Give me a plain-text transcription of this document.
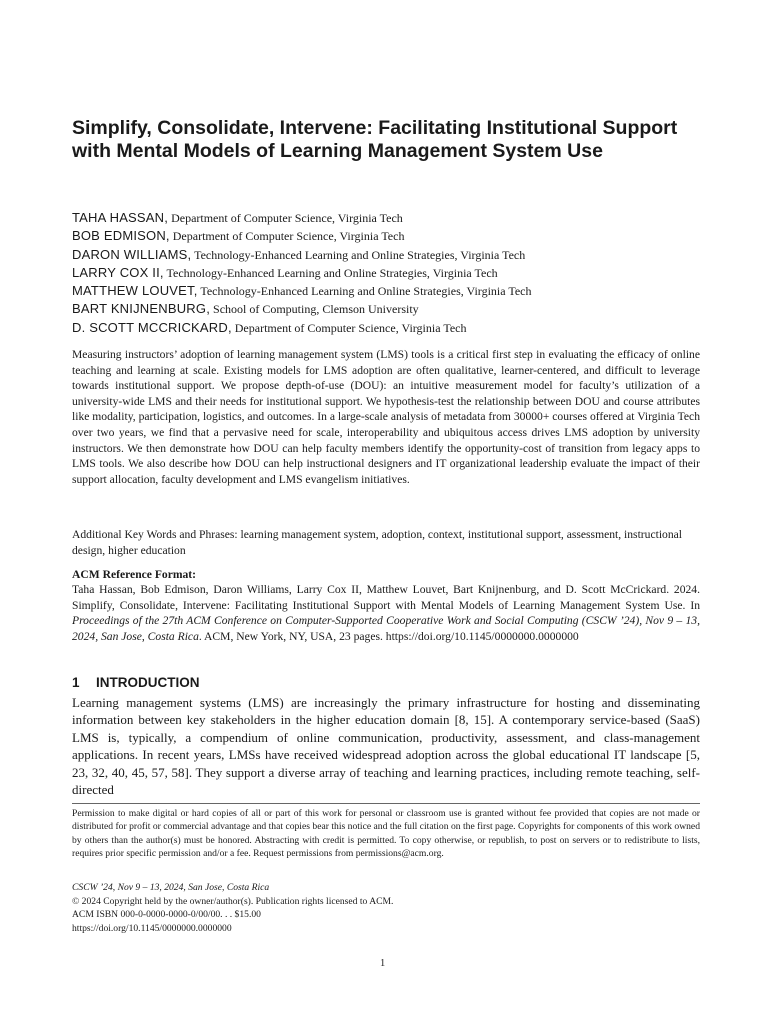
Simplify, Consolidate, Intervene: Facilitating Institutional Support with Mental Models of Learning Management System Use
TAHA HASSAN, Department of Computer Science, Virginia Tech
BOB EDMISON, Department of Computer Science, Virginia Tech
DARON WILLIAMS, Technology-Enhanced Learning and Online Strategies, Virginia Tech
LARRY COX II, Technology-Enhanced Learning and Online Strategies, Virginia Tech
MATTHEW LOUVET, Technology-Enhanced Learning and Online Strategies, Virginia Tech
BART KNIJNENBURG, School of Computing, Clemson University
D. SCOTT MCCRICKARD, Department of Computer Science, Virginia Tech
Measuring instructors’ adoption of learning management system (LMS) tools is a critical first step in evaluating the efficacy of online teaching and learning at scale. Existing models for LMS adoption are often qualitative, learner-centered, and difficult to leverage towards institutional support. We propose depth-of-use (DOU): an intuitive measurement model for faculty’s utilization of a university-wide LMS and their needs for institutional support. We hypothesis-test the relationship between DOU and course attributes like modality, participation, logistics, and outcomes. In a large-scale analysis of metadata from 30000+ courses offered at Virginia Tech over two years, we find that a pervasive need for scale, interoperability and ubiquitous access drives LMS adoption by university instructors. We then demonstrate how DOU can help faculty members identify the opportunity-cost of transition from legacy apps to LMS tools. We also describe how DOU can help instructional designers and IT organizational leadership evaluate the impact of their support allocation, faculty development and LMS evangelism initiatives.
Additional Key Words and Phrases: learning management system, adoption, context, institutional support, assessment, instructional design, higher education
ACM Reference Format:
Taha Hassan, Bob Edmison, Daron Williams, Larry Cox II, Matthew Louvet, Bart Knijnenburg, and D. Scott McCrickard. 2024. Simplify, Consolidate, Intervene: Facilitating Institutional Support with Mental Models of Learning Management System Use. In Proceedings of the 27th ACM Conference on Computer-Supported Cooperative Work and Social Computing (CSCW ’24), Nov 9 – 13, 2024, San Jose, Costa Rica. ACM, New York, NY, USA, 23 pages. https://doi.org/10.1145/0000000.0000000
1 INTRODUCTION
Learning management systems (LMS) are increasingly the primary infrastructure for hosting and disseminating information between key stakeholders in the higher education domain [8, 15]. A contemporary service-based (SaaS) LMS is, typically, a compendium of online communication, productivity, assessment, and class-management applications. In recent years, LMSs have received widespread adoption across the global educational IT landscape [5, 23, 32, 40, 45, 57, 58]. They support a diverse array of teaching and learning practices, including remote teaching, self-directed
Permission to make digital or hard copies of all or part of this work for personal or classroom use is granted without fee provided that copies are not made or distributed for profit or commercial advantage and that copies bear this notice and the full citation on the first page. Copyrights for components of this work owned by others than the author(s) must be honored. Abstracting with credit is permitted. To copy otherwise, or republish, to post on servers or to redistribute to lists, requires prior specific permission and/or a fee. Request permissions from permissions@acm.org.
CSCW ’24, Nov 9 – 13, 2024, San Jose, Costa Rica
© 2024 Copyright held by the owner/author(s). Publication rights licensed to ACM.
ACM ISBN 000-0-0000-0000-0/00/00. . . $15.00
https://doi.org/10.1145/0000000.0000000
1
